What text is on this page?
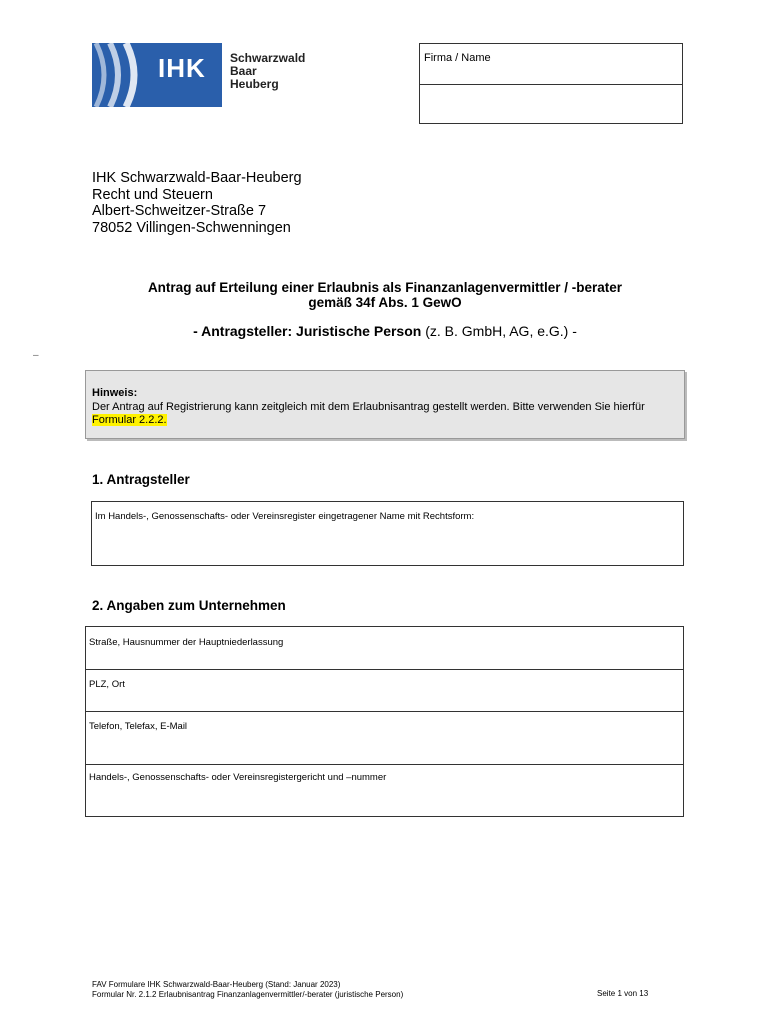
IHK Schwarzwald
Baar
Heuberg
Firma / Name
IHK Schwarzwald-Baar-Heuberg
Recht und Steuern
Albert-Schweitzer-Straße 7
78052 Villingen-Schwenningen
Antrag auf Erteilung einer Erlaubnis als Finanzanlagenvermittler / -berater
gemäß 34f Abs. 1 GewO
- Antragsteller: Juristische Person (z. B. GmbH, AG, e.G.) -
–
Hinweis:
Der Antrag auf Registrierung kann zeitgleich mit dem Erlaubnisantrag gestellt werden. Bitte verwenden Sie hierfür Formular 2.2.2.
1. Antragsteller
Im Handels-, Genossenschafts- oder Vereinsregister eingetragener Name mit Rechtsform:
2. Angaben zum Unternehmen
Straße, Hausnummer der Hauptniederlassung
PLZ, Ort
Telefon, Telefax, E-Mail
Handels-, Genossenschafts- oder Vereinsregistergericht und –nummer
FAV Formulare IHK Schwarzwald-Baar-Heuberg (Stand: Januar 2023)
Formular Nr. 2.1.2 Erlaubnisantrag Finanzanlagenvermittler/-berater (juristische Person)	Seite 1 von 13
